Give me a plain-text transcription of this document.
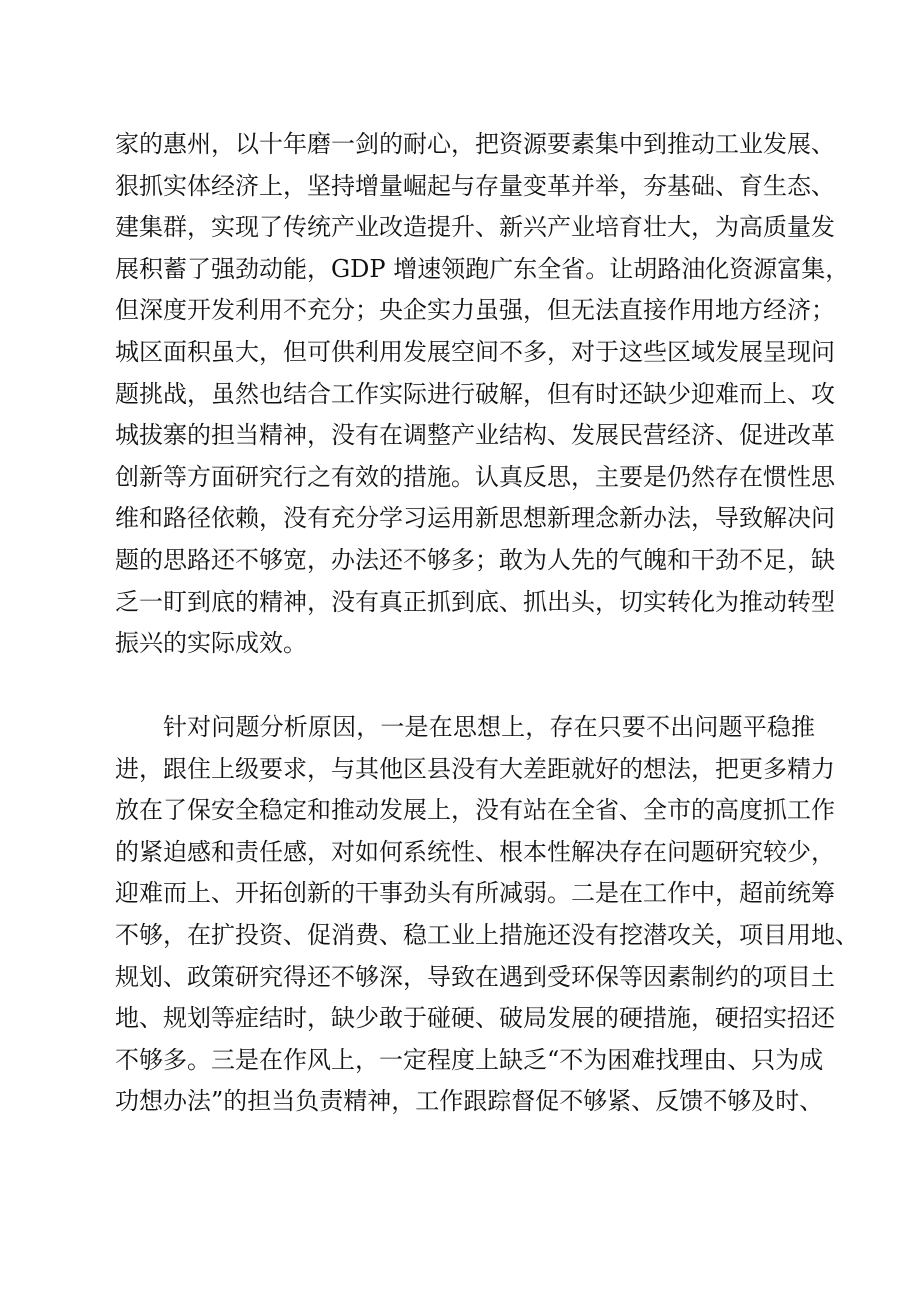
家的惠州，以十年磨一剑的耐心，把资源要素集中到推动工业发展、
狠抓实体经济上，坚持增量崛起与存量变革并举，夯基础、育生态、
建集群，实现了传统产业改造提升、新兴产业培育壮大，为高质量发
展积蓄了强劲动能，GDP 增速领跑广东全省。让胡路油化资源富集，
但深度开发利用不充分；央企实力虽强，但无法直接作用地方经济；
城区面积虽大，但可供利用发展空间不多，对于这些区域发展呈现问
题挑战，虽然也结合工作实际进行破解，但有时还缺少迎难而上、攻
城拔寨的担当精神，没有在调整产业结构、发展民营经济、促进改革
创新等方面研究行之有效的措施。认真反思，主要是仍然存在惯性思
维和路径依赖，没有充分学习运用新思想新理念新办法，导致解决问
题的思路还不够宽，办法还不够多；敢为人先的气魄和干劲不足，缺
乏一盯到底的精神，没有真正抓到底、抓出头，切实转化为推动转型
振兴的实际成效。
针对问题分析原因，一是在思想上，存在只要不出问题平稳推
进，跟住上级要求，与其他区县没有大差距就好的想法，把更多精力
放在了保安全稳定和推动发展上，没有站在全省、全市的高度抓工作
的紧迫感和责任感，对如何系统性、根本性解决存在问题研究较少，
迎难而上、开拓创新的干事劲头有所减弱。二是在工作中，超前统筹
不够，在扩投资、促消费、稳工业上措施还没有挖潜攻关，项目用地、
规划、政策研究得还不够深，导致在遇到受环保等因素制约的项目土
地、规划等症结时，缺少敢于碰硬、破局发展的硬措施，硬招实招还
不够多。三是在作风上，一定程度上缺乏“不为困难找理由、只为成
功想办法”的担当负责精神，工作跟踪督促不够紧、反馈不够及时、
